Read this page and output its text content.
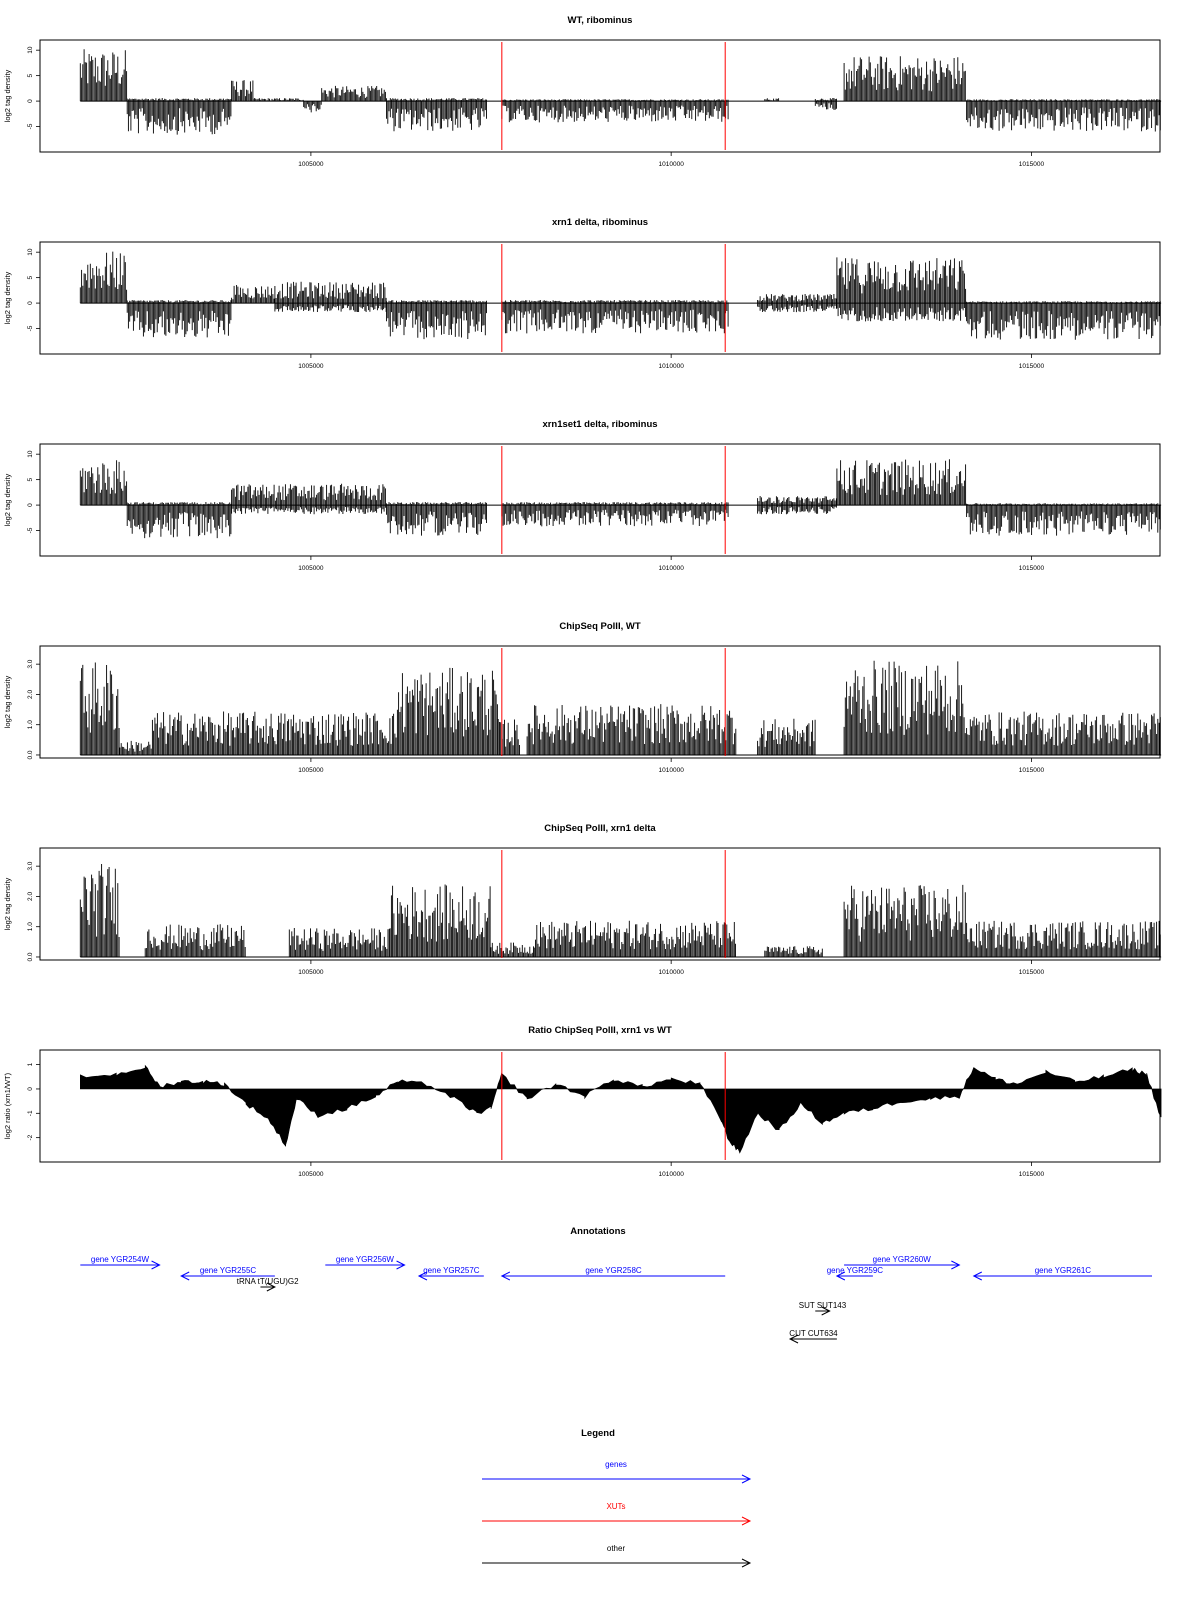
WT, ribominus
log2 tag density
-5
0
5
10
1005000	1010000	1015000
xrn1 delta, ribominus
log2 tag density
-5
0
5
10
1005000	1010000	1015000
xrn1set1 delta, ribominus
log2 tag density
-5
0
5
10
1005000	1010000	1015000
ChipSeq PolII, WT
log2 tag density
0.0
1.0
2.0
3.0
1005000	1010000	1015000
ChipSeq PolII, xrn1 delta
log2 tag density
0.0
1.0
2.0
3.0
1005000	1010000	1015000
Ratio ChipSeq PolII, xrn1 vs WT
log2 ratio (xrn1/WT) -2
-1
0
1
1005000	1010000	1015000
Annotations
gene YGR254W
gene YGR255C
tRNA tT(UGU)G2
gene YGR256W
gene YGR257C	gene YGR258C
gene YGR260W
gene YGR259C	gene YGR261C
SUT SUT143
CUT CUT634
Legend
genes
XUTs
other
